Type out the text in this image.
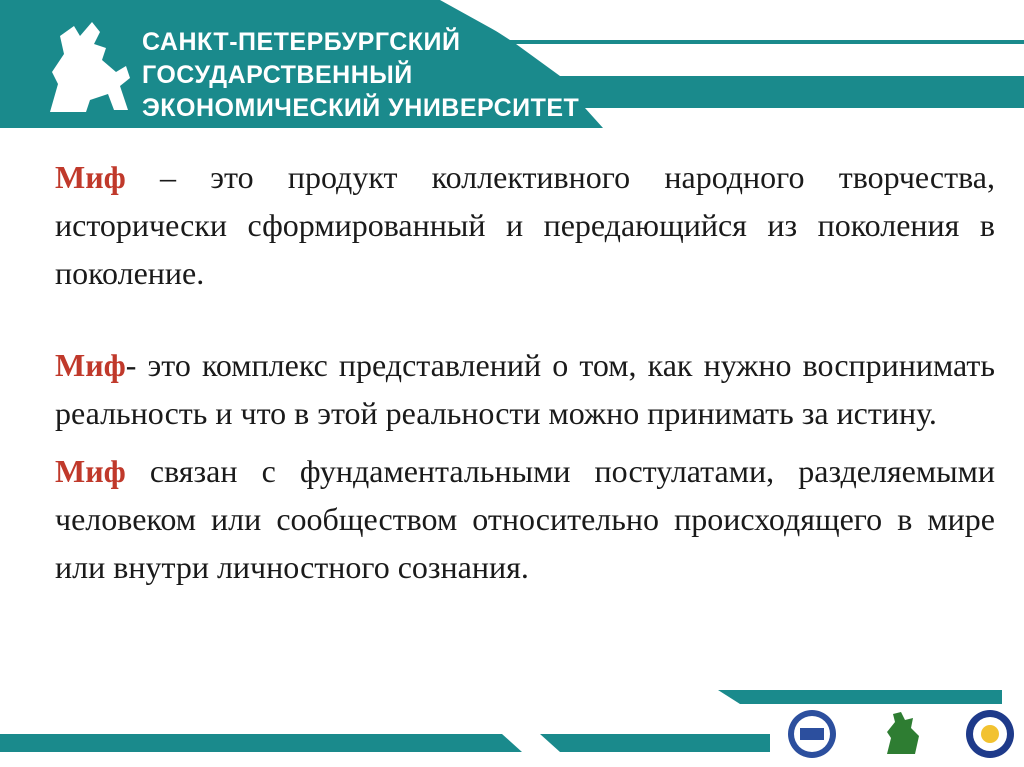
САНКТ-ПЕТЕРБУРГСКИЙ
ГОСУДАРСТВЕННЫЙ
ЭКОНОМИЧЕСКИЙ УНИВЕРСИТЕТ

Миф – это продукт коллективного народного творчества, исторически сформированный и передающийся из поколения в поколение.

Миф- это комплекс представлений о том, как нужно воспринимать реальность и что в этой реальности можно принимать за истину.

Миф связан с фундаментальными постулатами, разделяемыми человеком или сообществом относительно происходящего в мире или внутри личностного сознания.
